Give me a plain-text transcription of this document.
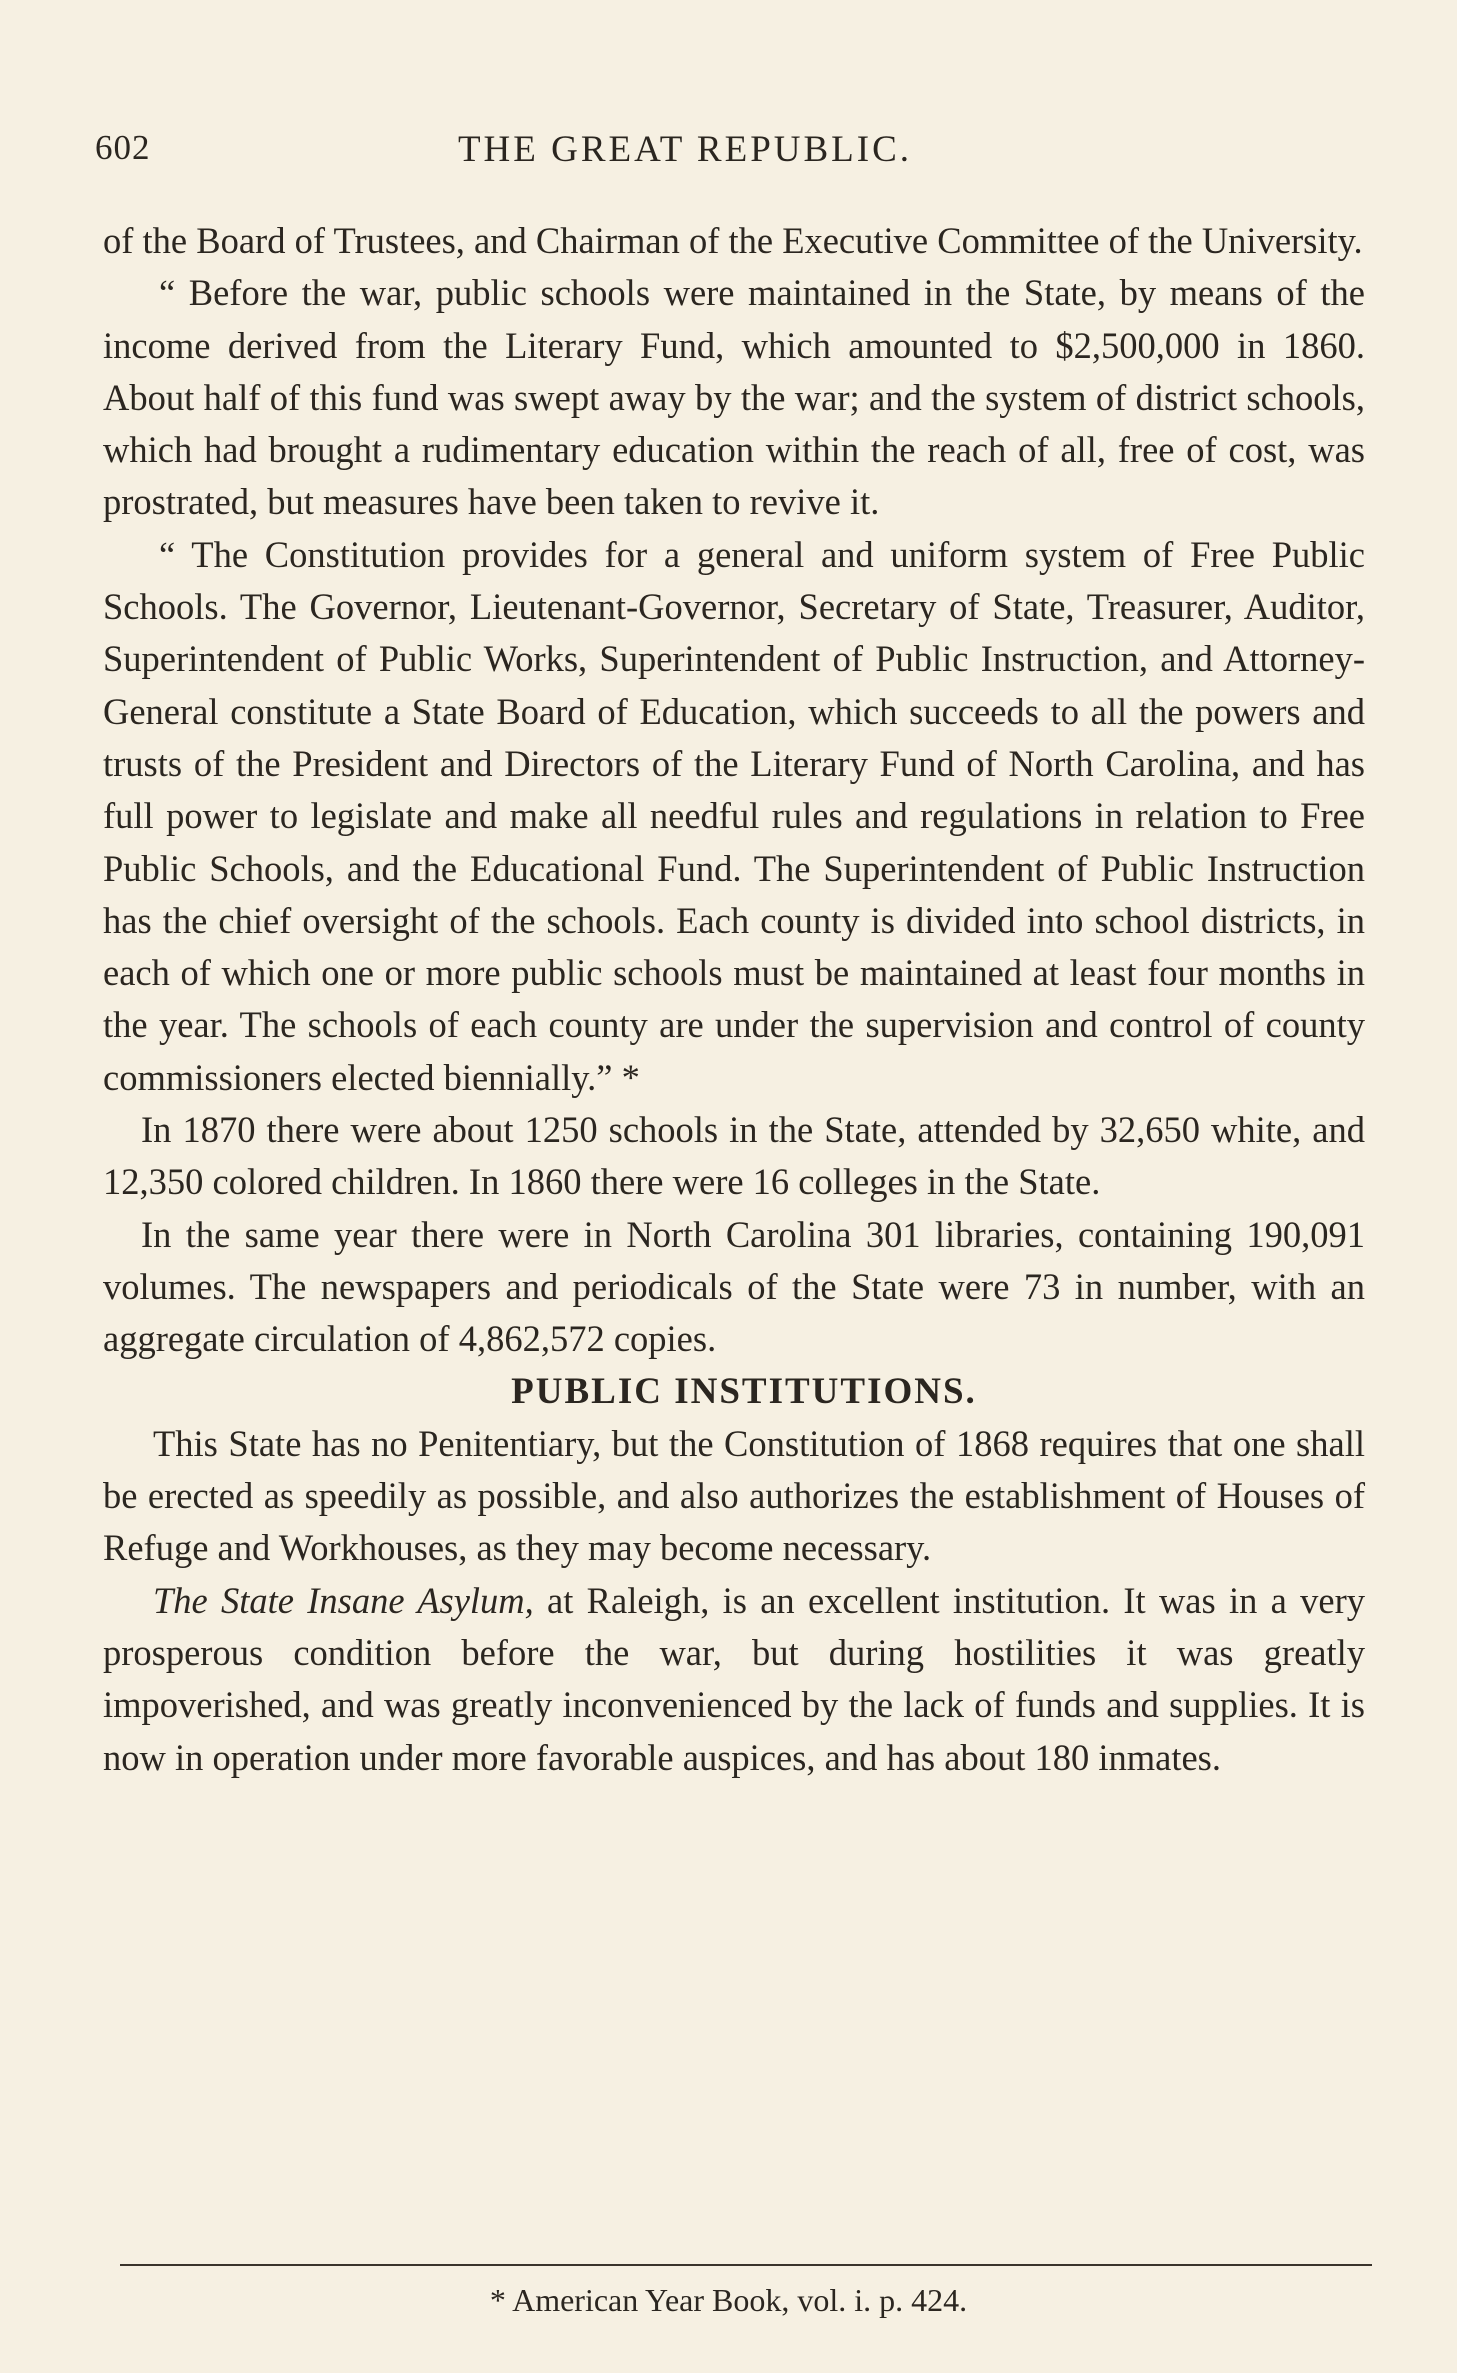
602	THE GREAT REPUBLIC.

of the Board of Trustees, and Chairman of the Executive Committee of the University.

“ Before the war, public schools were maintained in the State, by means of the income derived from the Literary Fund, which amounted to $2,500,000 in 1860. About half of this fund was swept away by the war; and the system of district schools, which had brought a rudimentary education within the reach of all, free of cost, was prostrated, but measures have been taken to revive it.

“ The Constitution provides for a general and uniform system of Free Public Schools. The Governor, Lieutenant-Governor, Secretary of State, Treasurer, Auditor, Superintendent of Public Works, Superintendent of Public Instruction, and Attorney-General constitute a State Board of Education, which succeeds to all the powers and trusts of the President and Directors of the Literary Fund of North Carolina, and has full power to legislate and make all needful rules and regulations in relation to Free Public Schools, and the Educational Fund. The Superintendent of Public Instruction has the chief oversight of the schools. Each county is divided into school districts, in each of which one or more public schools must be maintained at least four months in the year. The schools of each county are under the supervision and control of county commissioners elected biennially.” *

In 1870 there were about 1250 schools in the State, attended by 32,650 white, and 12,350 colored children. In 1860 there were 16 colleges in the State.

In the same year there were in North Carolina 301 libraries, containing 190,091 volumes. The newspapers and periodicals of the State were 73 in number, with an aggregate circulation of 4,862,572 copies.

PUBLIC INSTITUTIONS.

This State has no Penitentiary, but the Constitution of 1868 requires that one shall be erected as speedily as possible, and also authorizes the establishment of Houses of Refuge and Workhouses, as they may become necessary.

The State Insane Asylum, at Raleigh, is an excellent institution. It was in a very prosperous condition before the war, but during hostilities it was greatly impoverished, and was greatly inconvenienced by the lack of funds and supplies. It is now in operation under more favorable auspices, and has about 180 inmates.

* American Year Book, vol. i. p. 424.
